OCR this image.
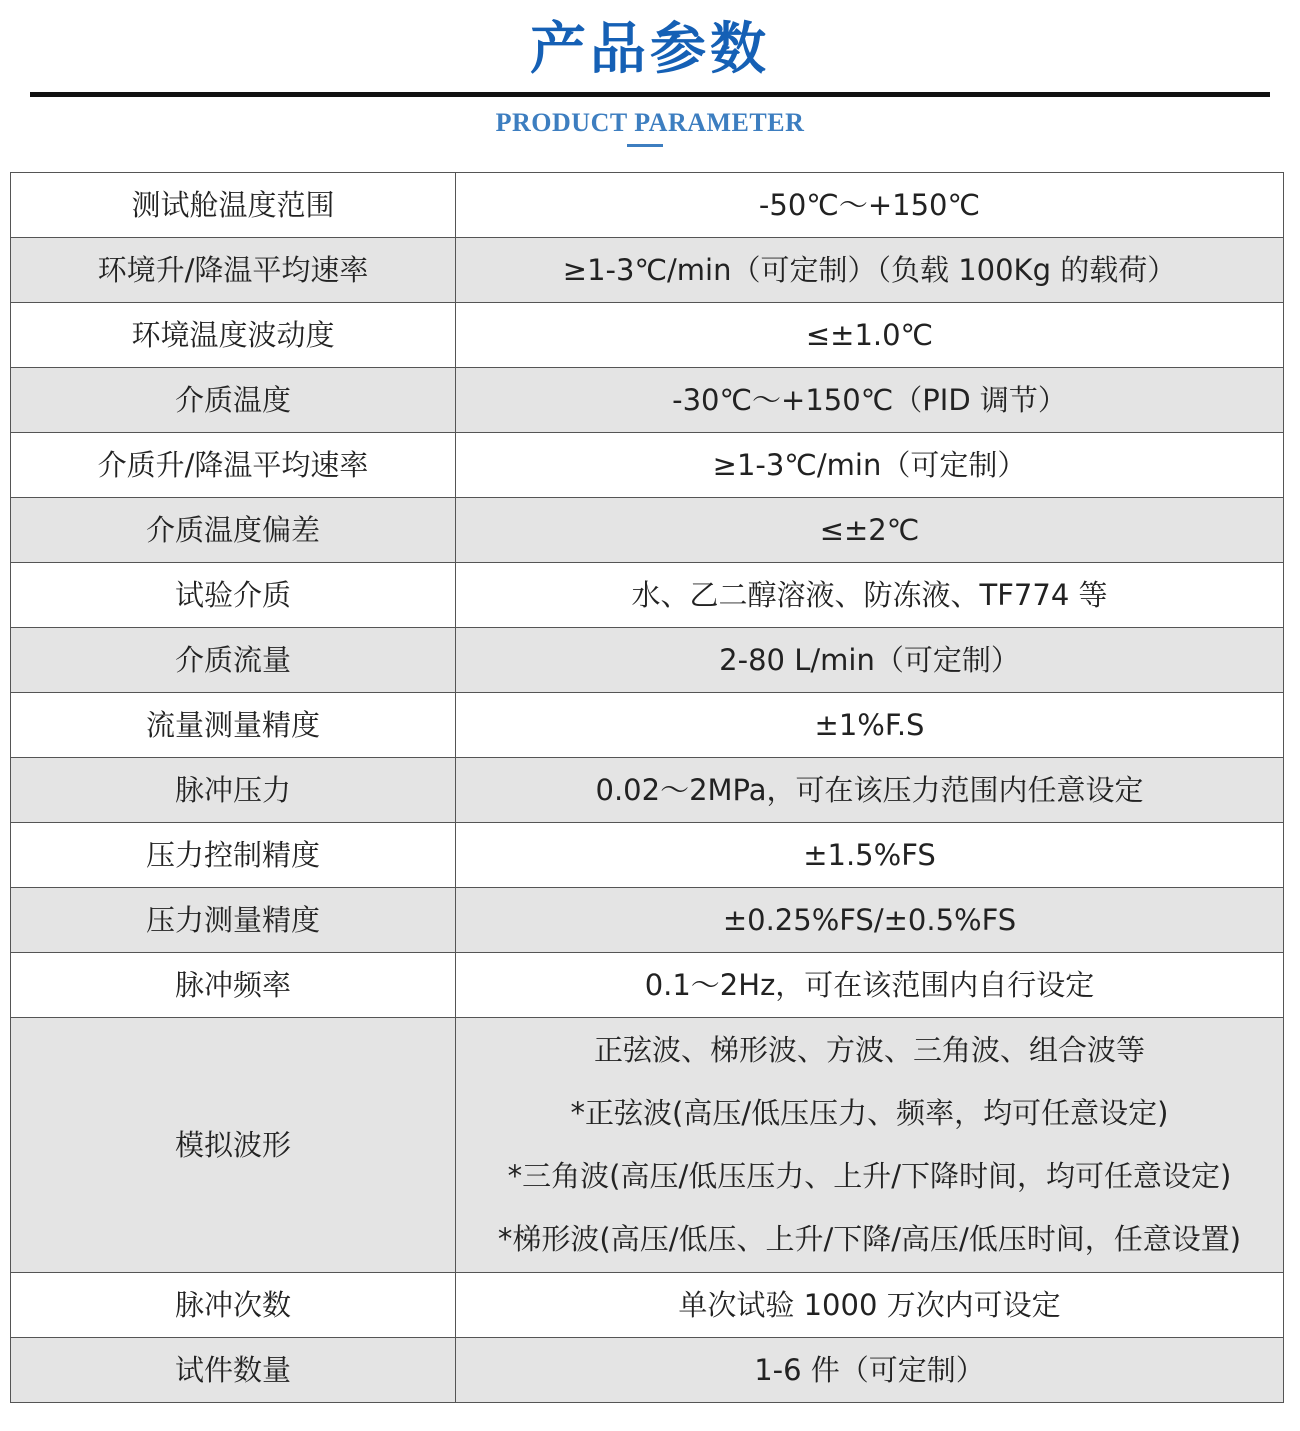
产品参数
PRODUCT PARAMETER
测试舱温度范围	-50℃～+150℃
环境升/降温平均速率	≥1-3℃/min（可定制）（负载 100Kg 的载荷）
环境温度波动度	≤±1.0℃
介质温度	-30℃～+150℃（PID 调节）
介质升/降温平均速率	≥1-3℃/min（可定制）
介质温度偏差	≤±2℃
试验介质	水、乙二醇溶液、防冻液、TF774 等
介质流量	2-80 L/min（可定制）
流量测量精度	±1%F.S
脉冲压力	0.02～2MPa，可在该压力范围内任意设定
压力控制精度	±1.5%FS
压力测量精度	±0.25%FS/±0.5%FS
脉冲频率	0.1～2Hz，可在该范围内自行设定
模拟波形	正弦波、梯形波、方波、三角波、组合波等
*正弦波(高压/低压压力、频率，均可任意设定)
*三角波(高压/低压压力、上升/下降时间，均可任意设定)
*梯形波(高压/低压、上升/下降/高压/低压时间，任意设置)

脉冲次数	单次试验 1000 万次内可设定
试件数量	1-6 件（可定制）
